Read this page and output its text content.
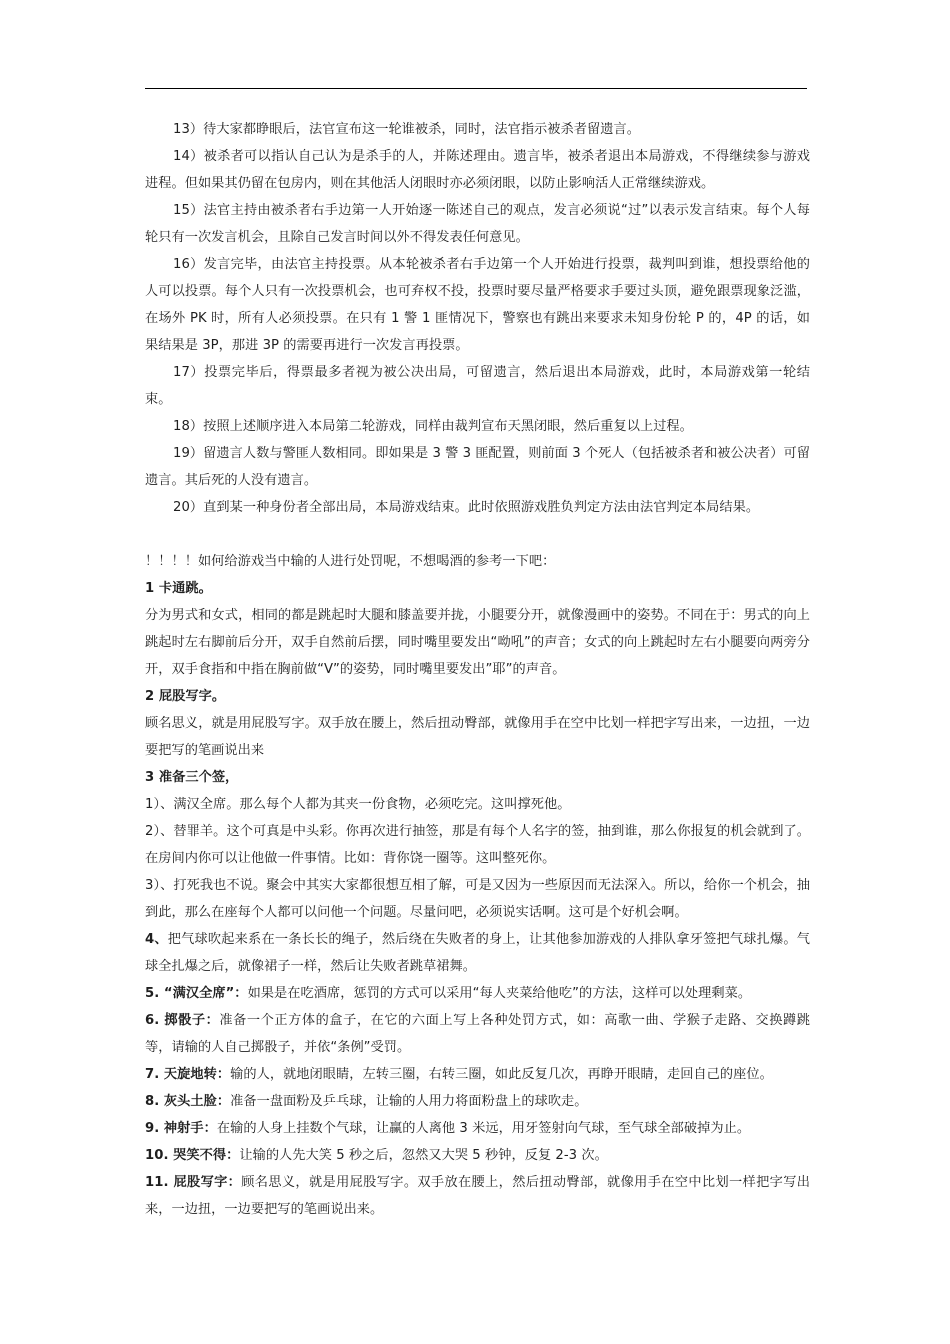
13）待大家都睁眼后，法官宣布这一轮谁被杀，同时，法官指示被杀者留遗言。

14）被杀者可以指认自己认为是杀手的人，并陈述理由。遗言毕，被杀者退出本局游戏，不得继续参与游戏进程。但如果其仍留在包房内，则在其他活人闭眼时亦必须闭眼，以防止影响活人正常继续游戏。

15）法官主持由被杀者右手边第一人开始逐一陈述自己的观点，发言必须说“过”以表示发言结束。每个人每轮只有一次发言机会，且除自己发言时间以外不得发表任何意见。

16）发言完毕，由法官主持投票。从本轮被杀者右手边第一个人开始进行投票，裁判叫到谁，想投票给他的人可以投票。每个人只有一次投票机会，也可弃权不投，投票时要尽量严格要求手要过头顶，避免跟票现象泛滥，在场外 PK 时，所有人必须投票。在只有 1 警 1 匪情况下，警察也有跳出来要求未知身份轮 P 的，4P 的话，如果结果是 3P，那进 3P 的需要再进行一次发言再投票。

17）投票完毕后，得票最多者视为被公决出局，可留遗言，然后退出本局游戏，此时，本局游戏第一轮结束。

18）按照上述顺序进入本局第二轮游戏，同样由裁判宣布天黑闭眼，然后重复以上过程。

19）留遗言人数与警匪人数相同。即如果是 3 警 3 匪配置，则前面 3 个死人（包括被杀者和被公决者）可留遗言。其后死的人没有遗言。

20）直到某一种身份者全部出局，本局游戏结束。此时依照游戏胜负判定方法由法官判定本局结果。

！！！！如何给游戏当中输的人进行处罚呢，不想喝酒的参考一下吧：

1 卡通跳。

分为男式和女式，相同的都是跳起时大腿和膝盖要并拢，小腿要分开，就像漫画中的姿势。不同在于：男式的向上跳起时左右脚前后分开，双手自然前后摆，同时嘴里要发出“呦吼”的声音；女式的向上跳起时左右小腿要向两旁分开，双手食指和中指在胸前做“V”的姿势，同时嘴里要发出”耶”的声音。

2 屁股写字。

顾名思义，就是用屁股写字。双手放在腰上，然后扭动臀部，就像用手在空中比划一样把字写出来，一边扭，一边要把写的笔画说出来

3 准备三个签，

1）、满汉全席。那么每个人都为其夹一份食物，必须吃完。这叫撑死他。

2）、替罪羊。这个可真是中头彩。你再次进行抽签，那是有每个人名字的签，抽到谁，那么你报复的机会就到了。在房间内你可以让他做一件事情。比如：背你饶一圈等。这叫整死你。

3）、打死我也不说。聚会中其实大家都很想互相了解，可是又因为一些原因而无法深入。所以，给你一个机会，抽到此，那么在座每个人都可以问他一个问题。尽量问吧，必须说实话啊。这可是个好机会啊。

4、把气球吹起来系在一条长长的绳子，然后绕在失败者的身上，让其他参加游戏的人排队拿牙签把气球扎爆。气球全扎爆之后，就像裙子一样，然后让失败者跳草裙舞。

5. “满汉全席”：如果是在吃酒席，惩罚的方式可以采用“每人夹菜给他吃”的方法，这样可以处理剩菜。

6. 掷骰子：准备一个正方体的盒子，在它的六面上写上各种处罚方式，如：高歌一曲、学猴子走路、交换蹲跳等，请输的人自己掷骰子，并依“条例”受罚。

7. 天旋地转：输的人，就地闭眼睛，左转三圈，右转三圈，如此反复几次，再睁开眼睛，走回自己的座位。

8. 灰头土脸：准备一盘面粉及乒乓球，让输的人用力将面粉盘上的球吹走。

9. 神射手：在输的人身上挂数个气球，让赢的人离他 3 米远，用牙签射向气球，至气球全部破掉为止。

10. 哭笑不得：让输的人先大笑 5 秒之后，忽然又大哭 5 秒钟，反复 2-3 次。

11. 屁股写字：顾名思义，就是用屁股写字。双手放在腰上，然后扭动臀部，就像用手在空中比划一样把字写出来，一边扭，一边要把写的笔画说出来。
